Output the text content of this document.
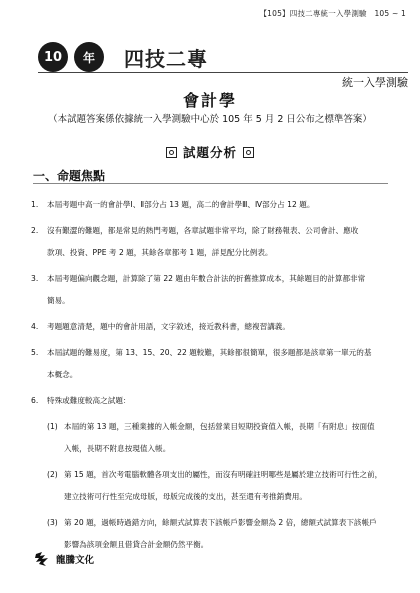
【105】四技二專統一入學測驗　105 ~ 1
10	年	四技二專
統一入學測驗
會計學
（本試題答案係依據統一入學測驗中心於 105 年 5 月 2 日公布之標準答案）
試題分析
一、命題焦點
1. 本屆考題中高一的會計學Ⅰ、Ⅱ部分占 13 題，高二的會計學Ⅲ、Ⅳ部分占 12 題。
2. 沒有艱澀的難題，都是常見的熱門考題，各章試題非常平均，除了財務報表、公司會計、應收
款項、投資、PPE 考 2 題，其餘各章都考 1 題，詳見配分比例表。
3. 本屆考題偏向觀念題，計算除了第 22 題由年數合計法的折舊推算成本，其餘題目的計算都非常
簡易。
4. 考題題意清楚，題中的會計用語，文字敘述，接近教科書，總複習講義。
5. 本屆試題的難易度，第 13、15、20、22 題較難，其餘都很簡單，很多題都是該章第一單元的基
本概念。
6. 特殊或難度較高之試題：
(1) 本屆的第 13 題，三種業據的入帳金額，包括營業目短期投資值入帳，長期「有附息」按面值
入帳，長期不附息按現值入帳。
(2) 第 15 題，首次考電腦軟體各項支出的屬性，而沒有明確註明哪些是屬於建立技術可行性之前，
建立技術可行性至完成母版，母版完成後的支出，甚至還有考推銷費用。
(3) 第 20 題，過帳時過錯方向，餘額式試算表下該帳戶影響金額為 2 倍，總額式試算表下該帳戶
影響為該項金額且借貸合計金額仍然平衡。
龍騰文化
